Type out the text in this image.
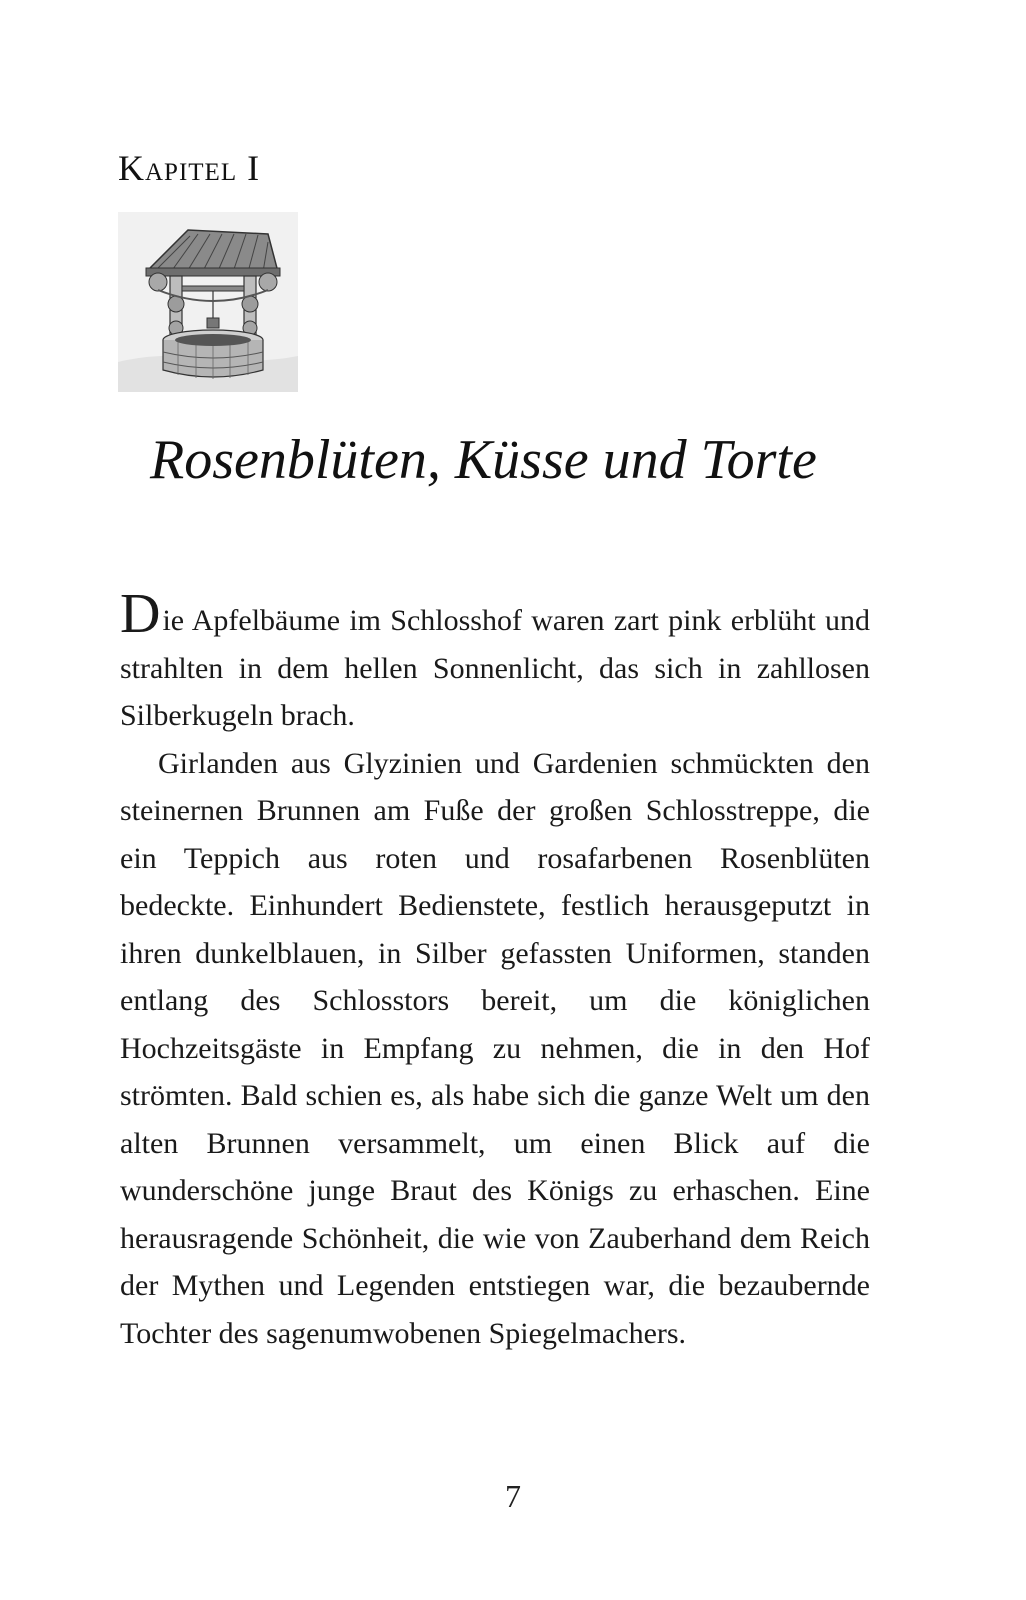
Kapitel I
Rosenblüten, Küsse und Torte

Die Apfelbäume im Schlosshof waren zart pink erblüht und strahlten in dem hellen Sonnenlicht, das sich in zahllosen Silberkugeln brach.

Girlanden aus Glyzinien und Gardenien schmückten den steinernen Brunnen am Fuße der großen Schlosstreppe, die ein Teppich aus roten und rosafarbenen Rosenblüten bedeckte. Einhundert Bedienstete, festlich herausgeputzt in ihren dunkelblauen, in Silber gefassten Uniformen, standen entlang des Schlosstors bereit, um die königlichen Hochzeitsgäste in Empfang zu nehmen, die in den Hof strömten. Bald schien es, als habe sich die ganze Welt um den alten Brunnen versammelt, um einen Blick auf die wunderschöne junge Braut des Königs zu erhaschen. Eine herausragende Schönheit, die wie von Zauberhand dem Reich der Mythen und Legenden entstiegen war, die bezaubernde Tochter des sagenumwobenen Spiegelmachers.

7
